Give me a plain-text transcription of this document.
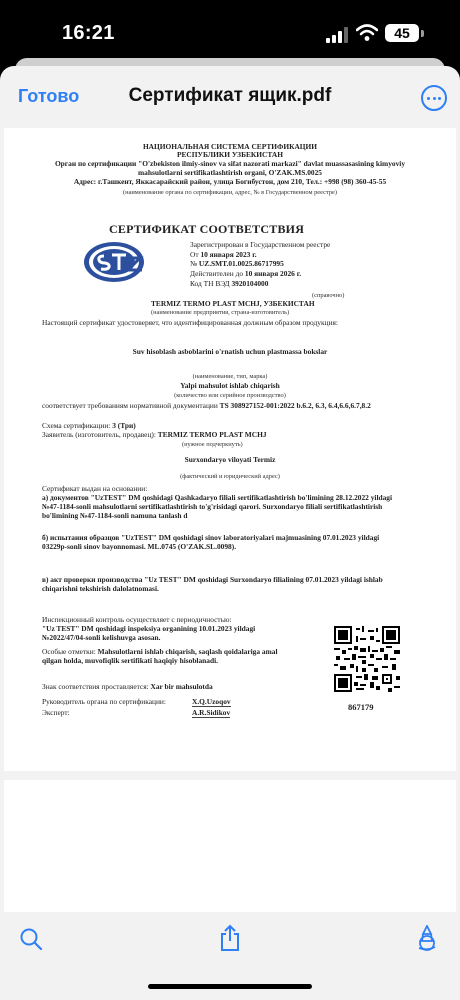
16:21	45
Готово	Сертификат ящик.pdf
НАЦИОНАЛЬНАЯ СИСТЕМА СЕРТИФИКАЦИИ
РЕСПУБЛИКИ УЗБЕКИСТАН
Орган по сертификации "O'zbekiston ilmiy-sinov va sifat nazorati markazi" davlat muassasasining kimyoviy
mahsulotlarni sertifikatlashtirish organi, O'ZAK.MS.0025
Адрес: г.Ташкент, Яккасарайский район, улица Богибустон, дом 210, Тел.: +998 (98) 360-45-55
(наименование органа по сертификации, адрес, № в Государственном реестре)
СЕРТИФИКАТ СООТВЕТСТВИЯ
Зарегистрирован в Государственном реестре
От 10 января 2023 г.
№ UZ.SMT.01.0025.86717995
Действителен до 10 января 2026 г.
Код ТН ВЭД 3920104000
(справочно)
TERMIZ TERMO PLAST MCHJ, УЗБЕКИСТАН
(наименование предприятия, страна-изготовитель)
Настоящий сертификат удостоверяет, что идентифицированная должным образом продукция:
Suv hisoblash asboblarini o'rnatish uchun plastmassa bokslar
(наименование, тип, марка)
Yalpi mahsulot ishlab chiqarish
(количество или серийное производство)
соответствует требованиям нормативной документации TS 308927152-001:2022 b.6.2, 6.3, 6.4,6.6,6.7,8.2
Схема сертификации: 3 (Три)
Заявитель (изготовитель, продавец): TERMIZ TERMO PLAST MCHJ
(нужное подчеркнуть)
Surxondaryo viloyati Termiz
(фактический и юридический адрес)
Сертификат выдан на основании:
а) документов "UzTEST" DM qoshidagi Qashkadaryo filiali sertifikatlashtirish bo'limining 28.12.2022 yildagi
№47-1184-sonli mahsulotlarni sertifikatlashtirish to'g'risidagi qarori. Surxondaryo filiali sertifikatlashtirish
bo'limining №47-1184-sonli namuna tanlash d
б) испытания образцов "UzTEST" DM qoshidagi sinov laboratoriyalari majmuasining 07.01.2023 yildagi
03229p-sonli sinov bayonnomasi. ML.0745 (O'ZAK.SL.0098).
в) акт проверки производства "Uz TEST" DM qoshidagi Surxondaryo filialining 07.01.2023 yildagi ishlab
chiqarishni tekshirish dalolatnomasi.
Инспекционный контроль осуществляет с периодичностью:
"Uz TEST" DM qoshidagi inspeksiya organining 10.01.2023 yildagi
№2022/47/04-sonli kelishuvga asosan.
Особые отметки: Mahsulotlarni ishlab chiqarish, saqlash qoidalariga amal
qilgan holda, muvofiqlik sertifikati haqiqiy hisoblanadi.
Знак соответствия проставляется: Xar bir mahsulotda
Руководитель органа по сертификации:	X.Q.Uzoqov
Эксперт:	A.R.Sidikov
867179
